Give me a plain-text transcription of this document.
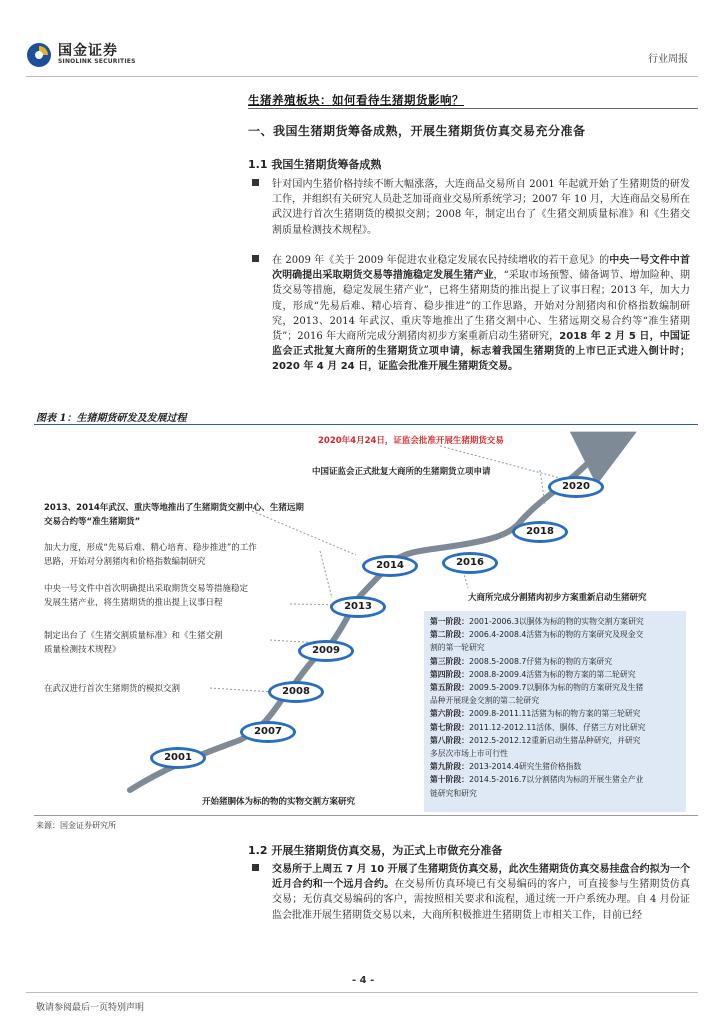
国金证券
SINOLINK SECURITIES	行业周报
生猪养殖板块：如何看待生猪期货影响？
一、我国生猪期货筹备成熟，开展生猪期货仿真交易充分准备
1.1 我国生猪期货筹备成熟
针对国内生猪价格持续不断大幅涨落，大连商品交易所自 2001 年起就开始了生猪期货的研发工作，并组织有关研究人员赴芝加哥商业交易所系统学习；2007 年 10 月，大连商品交易所在武汉进行首次生猪期货的模拟交割；2008 年，制定出台了《生猪交割质量标准》和《生猪交割质量检测技术规程》。
在 2009 年《关于 2009 年促进农业稳定发展农民持续增收的若干意见》的中央一号文件中首次明确提出采取期货交易等措施稳定发展生猪产业，“采取市场预警、储备调节、增加险种、期货交易等措施，稳定发展生猪产业”，已将生猪期货的推出提上了议事日程；2013 年，加大力度，形成“先易后难、精心培育、稳步推进”的工作思路，开始对分割猪肉和价格指数编制研究，2013、2014 年武汉、重庆等地推出了生猪交割中心、生猪远期交易合约等“准生猪期货”；2016 年大商所完成分割猪肉初步方案重新启动生猪研究，2018 年 2 月 5 日，中国证监会正式批复大商所的生猪期货立项申请，标志着我国生猪期货的上市已正式进入倒计时；2020 年 4 月 24 日，证监会批准开展生猪期货交易。
图表 1：生猪期货研发及发展过程
2001
2007
2008
2009
2013
2014	2016
2018
2020
2020年4月24日，证监会批准开展生猪期货交易
中国证监会正式批复大商所的生猪期货立项申请
2013、2014年武汉、重庆等地推出了生猪期货交割中心、生猪远期
交易合约等“准生猪期货”
加大力度，形成“先易后难、精心培育、稳步推进”的工作
思路，开始对分割猪肉和价格指数编制研究
大商所完成分割猪肉初步方案重新启动生猪研究
中央一号文件中首次明确提出采取期货交易等措施稳定
发展生猪产业，将生猪期货的推出提上议事日程
制定出台了《生猪交割质量标准》和《生猪交割
质量检测技术规程》
在武汉进行首次生猪期货的模拟交割
开始猪胴体为标的物的实物交割方案研究
第一阶段：2001-2006.3以胴体为标的物的实物交割方案研究
第二阶段：2006.4-2008.4活猪为标的物的方案研究及现金交
割的第一轮研究
第三阶段：2008.5-2008.7仔猪为标的物的方案研究
第四阶段：2008.8-2009.4活猪为标的物方案的第二轮研究
第五阶段：2009.5-2009.7以胴体为标的物的方案研究及生猪
品种开展现金交割的第二轮研究
第六阶段：2009.8-2011.11活猪为标的物方案的第三轮研究
第七阶段：2011.12-2012.11活体、胴体、仔猪三方对比研究
第八阶段：2012.5-2012.12重新启动生猪品种研究，并研究
多层次市场上市可行性
第九阶段：2013-2014.4研究生猪价格指数
第十阶段：2014.5-2016.7以分割猪肉为标的开展生猪全产业
链研究和研究
来源：国金证券研究所
1.2 开展生猪期货仿真交易，为正式上市做充分准备
交易所于上周五 7 月 10 开展了生猪期货仿真交易，此次生猪期货仿真交易挂盘合约拟为一个近月合约和一个远月合约。在交易所仿真环境已有交易编码的客户，可直接参与生猪期货仿真交易；无仿真交易编码的客户，需按照相关要求和流程，通过统一开户系统办理。自 4 月份证监会批准开展生猪期货交易以来，大商所积极推进生猪期货上市相关工作，目前已经
- 4 -
敬请参阅最后一页特别声明
